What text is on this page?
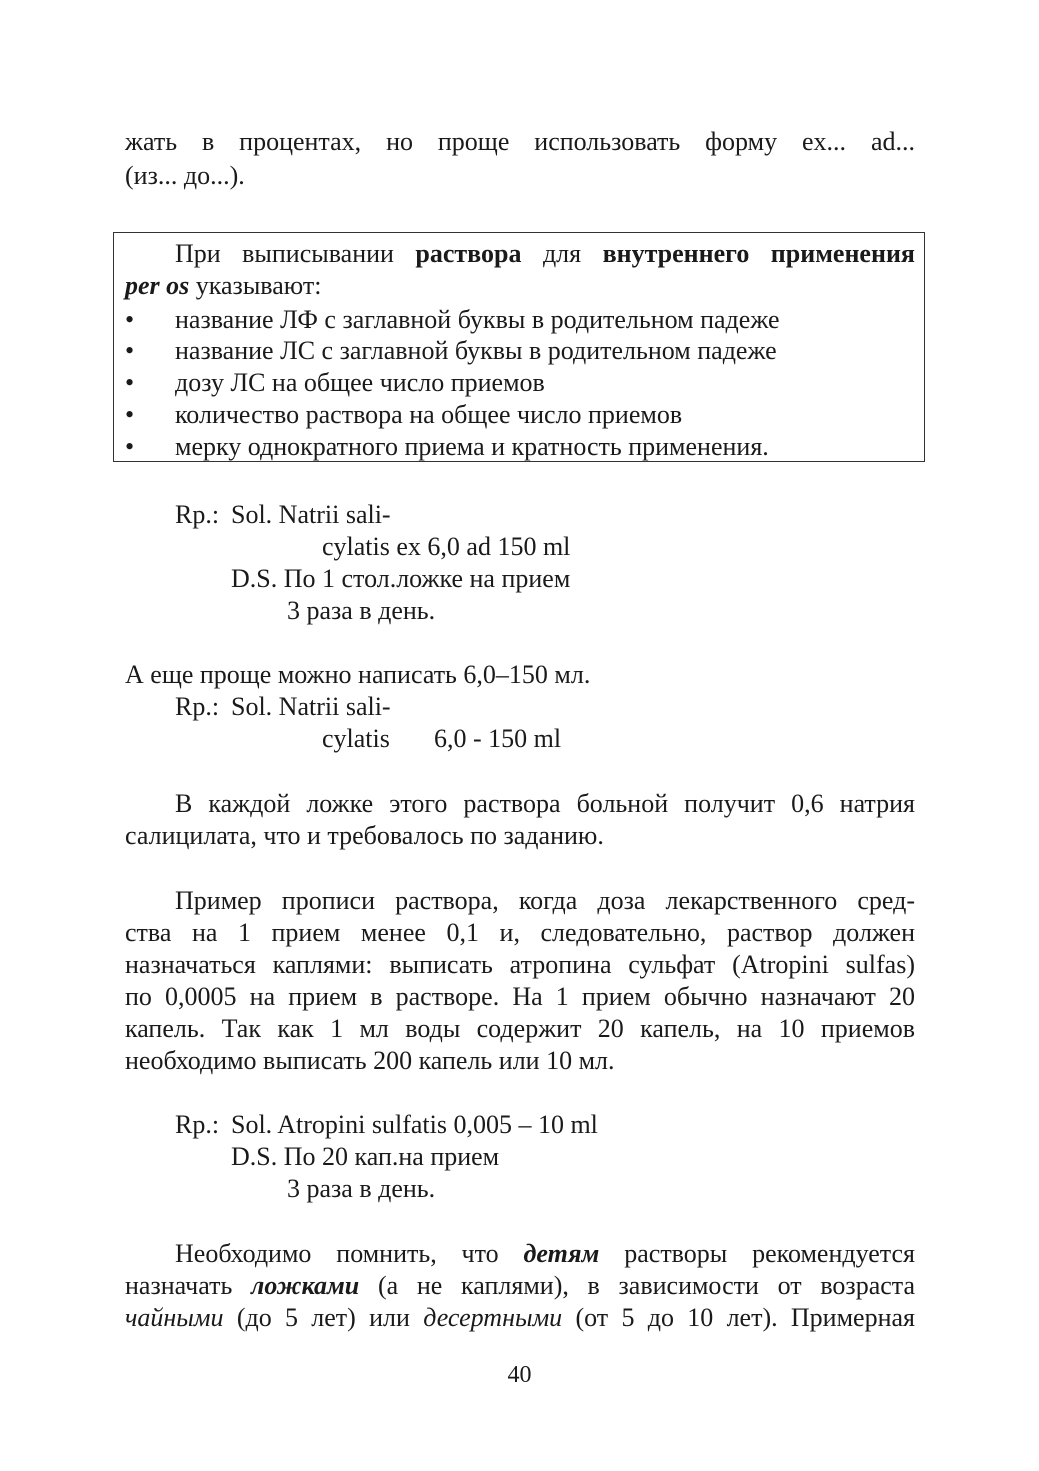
жать в процентах, но проще использовать форму ex... ad...
(из... до...).
При выписывании раствора для внутреннего применения
per os указывают:
• название ЛФ с заглавной буквы в родительном падеже
• название ЛС с заглавной буквы в родительном падеже
• дозу ЛС на общее число приемов
• количество раствора на общее число приемов
• мерку однократного приема и кратность применения.
Rp.: Sol. Natrii sali-
cylatis ex 6,0 ad 150 ml
D.S. По 1 стол.ложке на прием
3 раза в день.
А еще проще можно написать 6,0–150 мл.
Rp.: Sol. Natrii sali-
cylatis 6,0 - 150 ml
В каждой ложке этого раствора больной получит 0,6 натрия
салицилата, что и требовалось по заданию.
Пример прописи раствора, когда доза лекарственного сред-
ства на 1 прием менее 0,1 и, следовательно, раствор должен
назначаться каплями: выписать атропина сульфат (Atropini sulfas)
по 0,0005 на прием в растворе. На 1 прием обычно назначают 20
капель. Так как 1 мл воды содержит 20 капель, на 10 приемов
необходимо выписать 200 капель или 10 мл.
Rp.: Sol. Atropini sulfatis 0,005 – 10 ml
D.S. По 20 кап.на прием
3 раза в день.
Необходимо помнить, что детям растворы рекомендуется
назначать ложками (а не каплями), в зависимости от возраста
чайными (до 5 лет) или десертными (от 5 до 10 лет). Примерная
40
